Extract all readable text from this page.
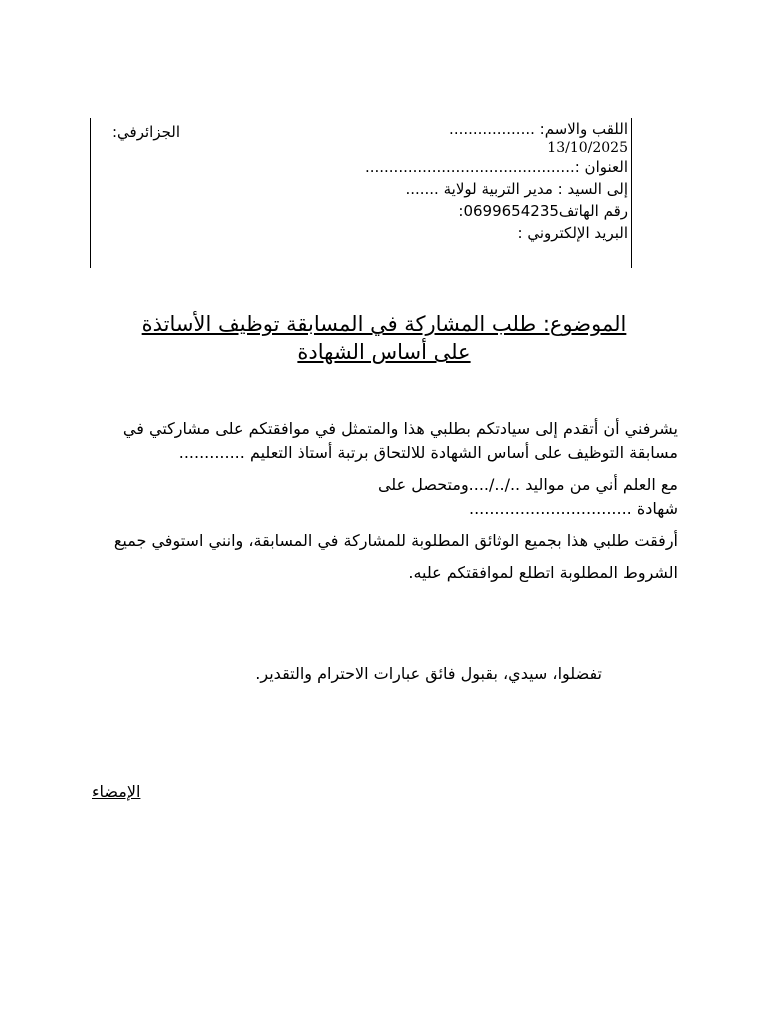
اللقب والاسم: ..................
13/10/2025
العنوان :............................................
إلى السيد : مدير التربية لولاية .......
رقم الهاتف0699654235:
البريد الإلكتروني :
الجزائرفي:
الموضوع: طلب المشاركة في المسابقة توظيف الأساتذة
على أساس الشهادة

يشرفني أن أتقدم إلى سيادتكم بطلبي هذا والمتمثل في موافقتكم على مشاركتي في مسابقة التوظيف على أساس الشهادة للالتحاق برتبة أستاذ التعليم .............

مع العلم أني من مواليد ../../....ومتحصل على
شهادة ................................

أرفقت طلبي هذا بجميع الوثائق المطلوبة للمشاركة في المسابقة، وانني استوفي جميع

الشروط المطلوبة اتطلع لموافقتكم عليه.

تفضلوا، سيدي، بقبول فائق عبارات الاحترام والتقدير.
الإمضاء
